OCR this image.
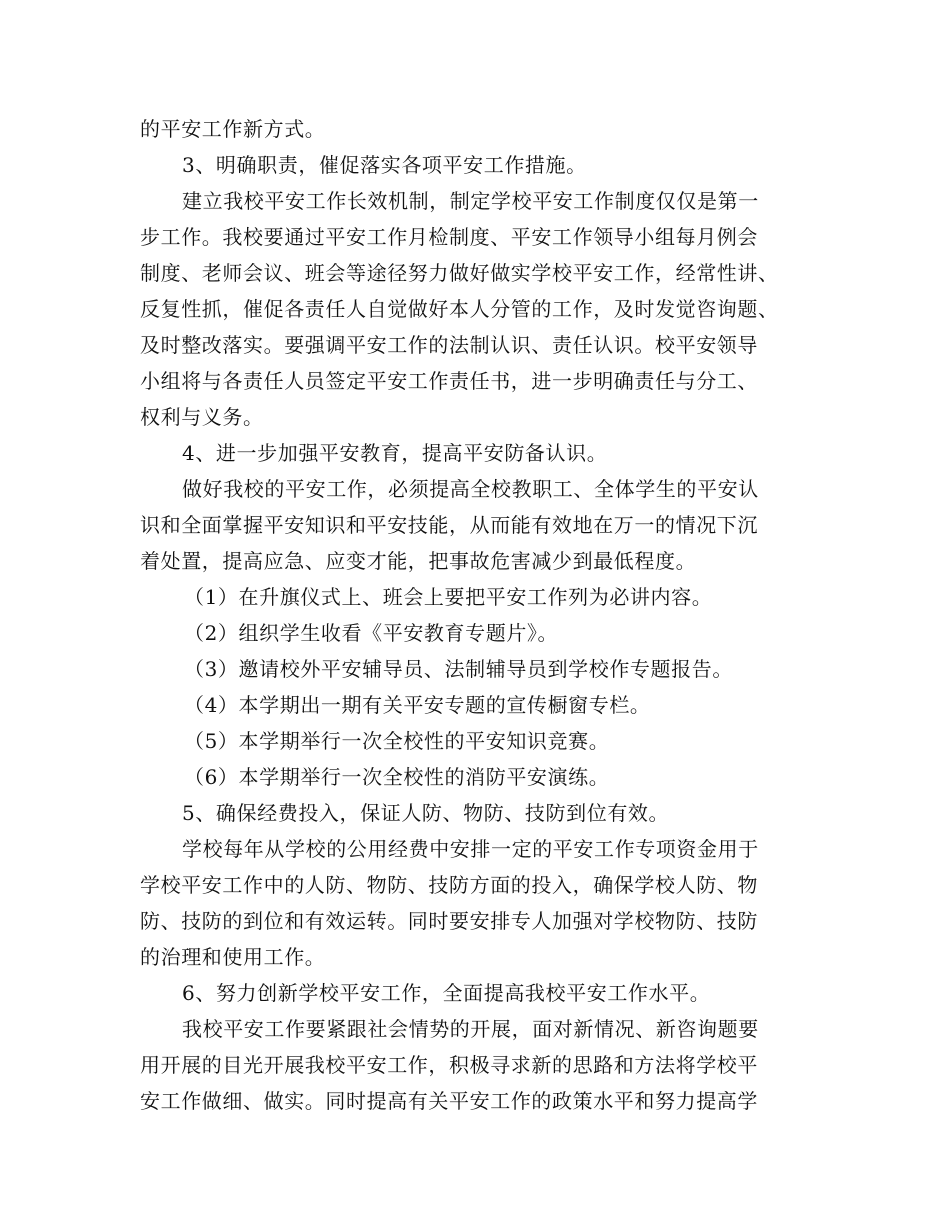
的平安工作新方式。
3、明确职责，催促落实各项平安工作措施。
建立我校平安工作长效机制，制定学校平安工作制度仅仅是第一
步工作。我校要通过平安工作月检制度、平安工作领导小组每月例会
制度、老师会议、班会等途径努力做好做实学校平安工作，经常性讲、
反复性抓，催促各责任人自觉做好本人分管的工作，及时发觉咨询题、
及时整改落实。要强调平安工作的法制认识、责任认识。校平安领导
小组将与各责任人员签定平安工作责任书，进一步明确责任与分工、
权利与义务。
4、进一步加强平安教育，提高平安防备认识。
做好我校的平安工作，必须提高全校教职工、全体学生的平安认
识和全面掌握平安知识和平安技能，从而能有效地在万一的情况下沉
着处置，提高应急、应变才能，把事故危害减少到最低程度。
（1）在升旗仪式上、班会上要把平安工作列为必讲内容。
（2）组织学生收看《平安教育专题片》。
（3）邀请校外平安辅导员、法制辅导员到学校作专题报告。
（4）本学期出一期有关平安专题的宣传橱窗专栏。
（5）本学期举行一次全校性的平安知识竞赛。
（6）本学期举行一次全校性的消防平安演练。
5、确保经费投入，保证人防、物防、技防到位有效。
学校每年从学校的公用经费中安排一定的平安工作专项资金用于
学校平安工作中的人防、物防、技防方面的投入，确保学校人防、物
防、技防的到位和有效运转。同时要安排专人加强对学校物防、技防
的治理和使用工作。
6、努力创新学校平安工作，全面提高我校平安工作水平。
我校平安工作要紧跟社会情势的开展，面对新情况、新咨询题要
用开展的目光开展我校平安工作，积极寻求新的思路和方法将学校平
安工作做细、做实。同时提高有关平安工作的政策水平和努力提高学
